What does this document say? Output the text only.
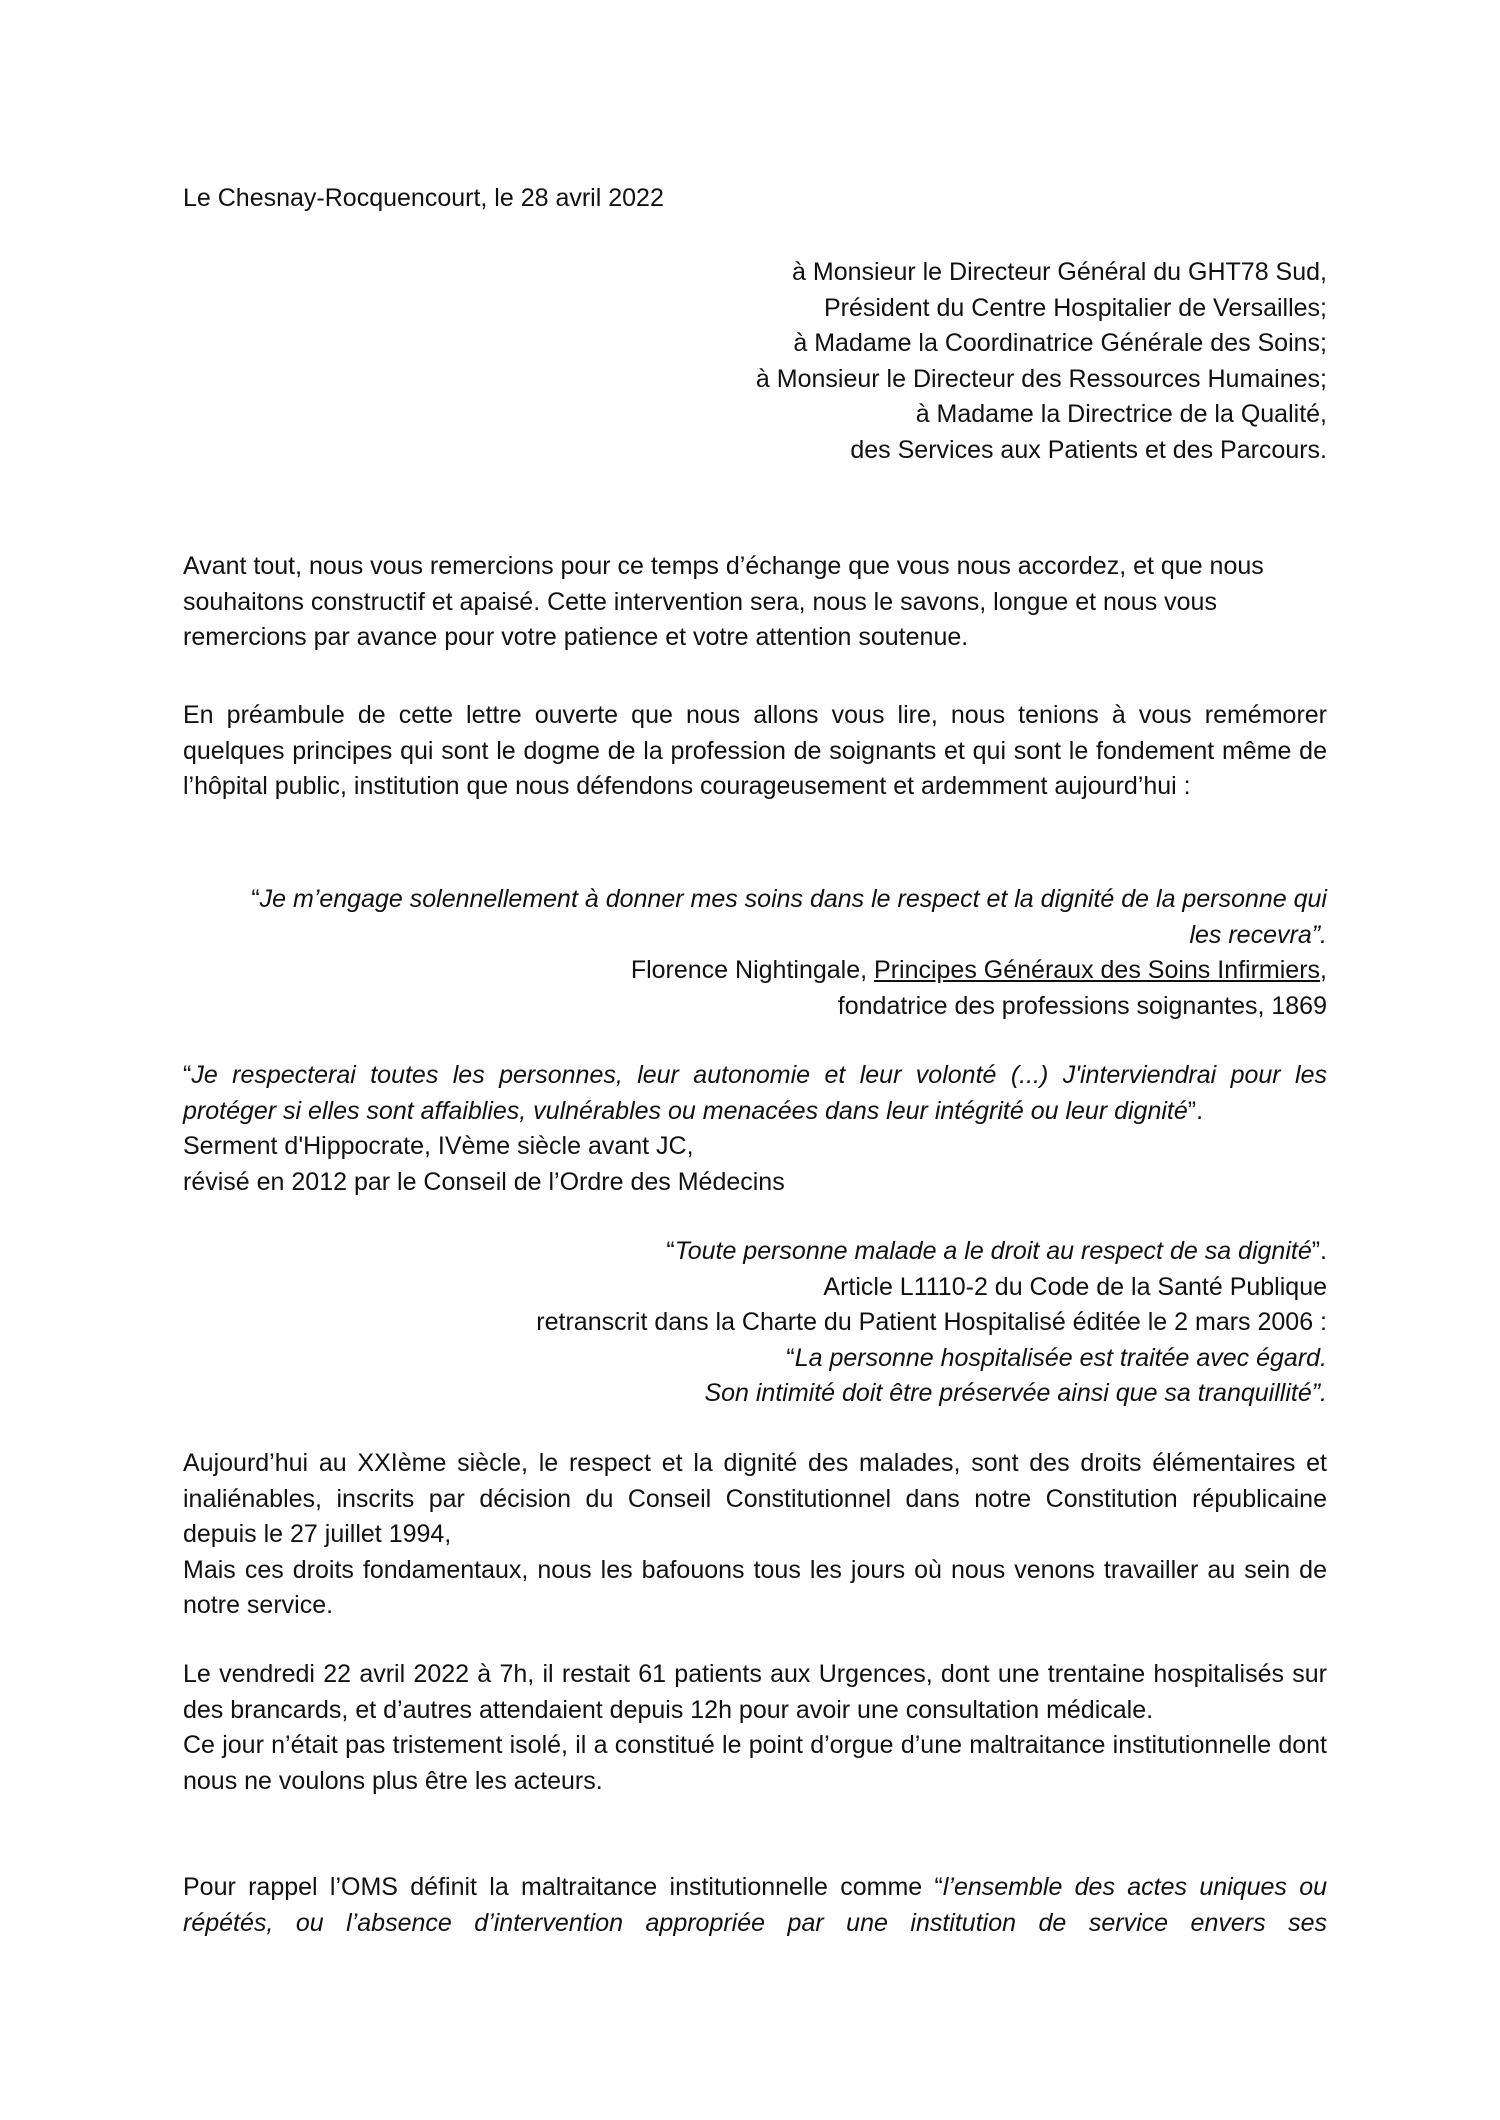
Le Chesnay-Rocquencourt, le 28 avril 2022
à Monsieur le Directeur Général du GHT78 Sud,
Président du Centre Hospitalier de Versailles;
à Madame la Coordinatrice Générale des Soins;
à Monsieur le Directeur des Ressources Humaines;
à Madame la Directrice de la Qualité,
des Services aux Patients et des Parcours.
Avant tout, nous vous remercions pour ce temps d’échange que vous nous accordez, et que nous souhaitons constructif et apaisé. Cette intervention sera, nous le savons, longue et nous vous remercions par avance pour votre patience et votre attention soutenue.
En préambule de cette lettre ouverte que nous allons vous lire, nous tenions à vous remémorer quelques principes qui sont le dogme de la profession de soignants et qui sont le fondement même de l’hôpital public, institution que nous défendons courageusement et ardemment aujourd’hui :
“Je m’engage solennellement à donner mes soins dans le respect et la dignité de la personne qui les recevra”.
Florence Nightingale, Principes Généraux des Soins Infirmiers,
fondatrice des professions soignantes, 1869
“Je respecterai toutes les personnes, leur autonomie et leur volonté (...) J'interviendrai pour les protéger si elles sont affaiblies, vulnérables ou menacées dans leur intégrité ou leur dignité”.
Serment d'Hippocrate, IVème siècle avant JC,
révisé en 2012 par le Conseil de l’Ordre des Médecins
“Toute personne malade a le droit au respect de sa dignité”.
Article L1110-2 du Code de la Santé Publique
retranscrit dans la Charte du Patient Hospitalisé éditée le 2 mars 2006 :
“La personne hospitalisée est traitée avec égard.
Son intimité doit être préservée ainsi que sa tranquillité”.
Aujourd’hui au XXIème siècle, le respect et la dignité des malades, sont des droits élémentaires et inaliénables, inscrits par décision du Conseil Constitutionnel dans notre Constitution républicaine depuis le 27 juillet 1994,
Mais ces droits fondamentaux, nous les bafouons tous les jours où nous venons travailler au sein de notre service.
Le vendredi 22 avril 2022 à 7h, il restait 61 patients aux Urgences, dont une trentaine hospitalisés sur des brancards, et d’autres attendaient depuis 12h pour avoir une consultation médicale.
Ce jour n’était pas tristement isolé, il a constitué le point d’orgue d’une maltraitance institutionnelle dont nous ne voulons plus être les acteurs.
Pour rappel l’OMS définit la maltraitance institutionnelle comme “l’ensemble des actes uniques ou répétés, ou l’absence d’intervention appropriée par une institution de service envers ses
